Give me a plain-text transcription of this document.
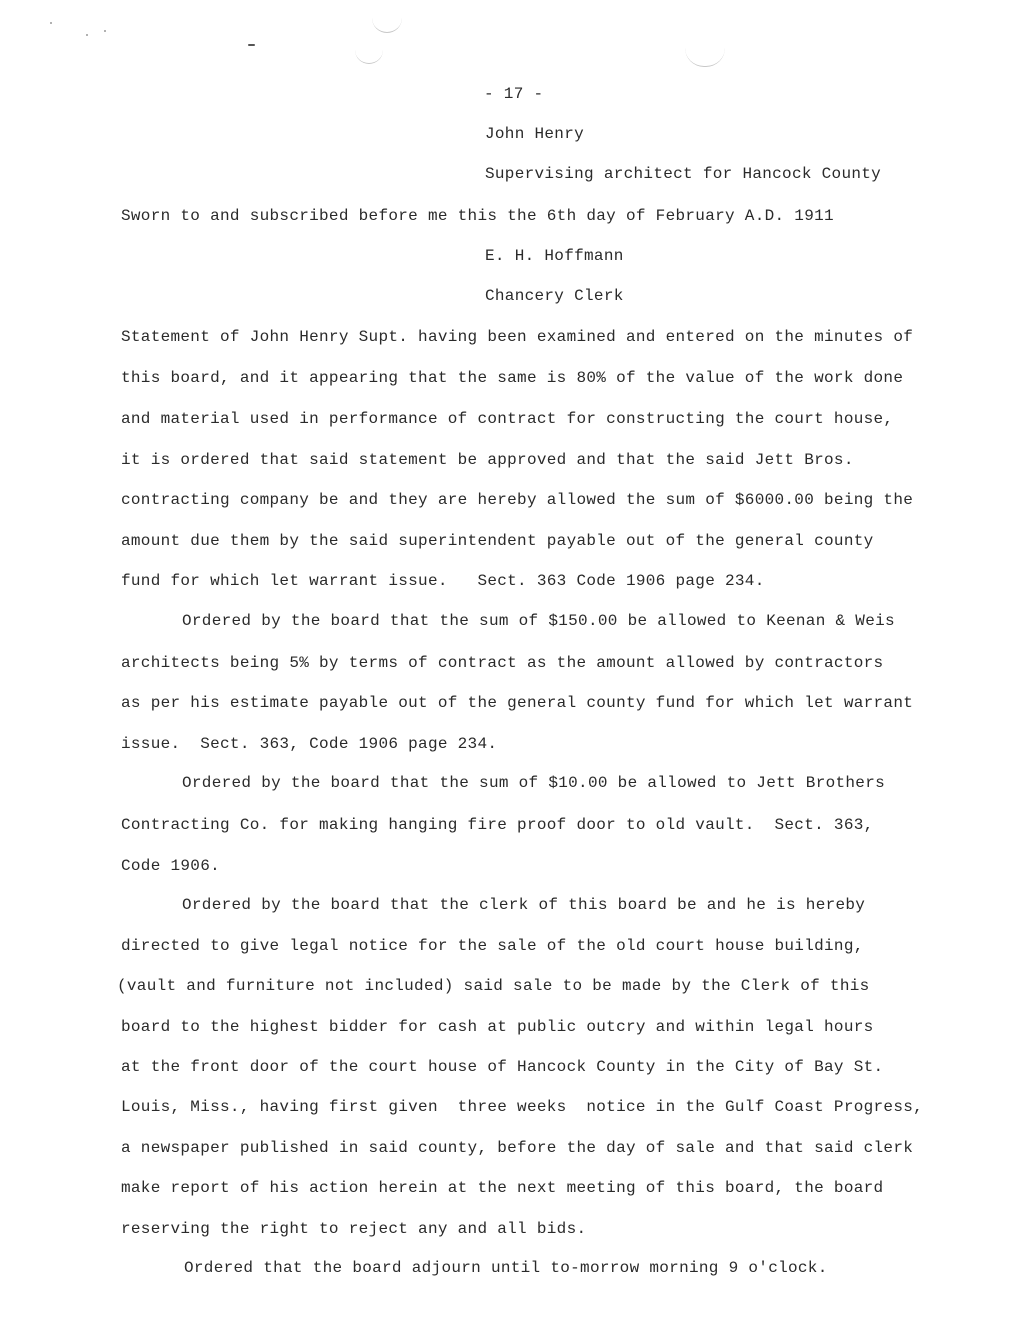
- 17 -
John Henry
Supervising architect for Hancock County
Sworn to and subscribed before me this the 6th day of February A.D. 1911
E. H. Hoffmann
Chancery Clerk
Statement of John Henry Supt. having been examined and entered on the minutes of
this board, and it appearing that the same is 80% of the value of the work done
and material used in performance of contract for constructing the court house,
it is ordered that said statement be approved and that the said Jett Bros.
contracting company be and they are hereby allowed the sum of $6000.00 being the
amount due them by the said superintendent payable out of the general county
fund for which let warrant issue.   Sect. 363 Code 1906 page 234.
Ordered by the board that the sum of $150.00 be allowed to Keenan & Weis
architects being 5% by terms of contract as the amount allowed by contractors
as per his estimate payable out of the general county fund for which let warrant
issue.  Sect. 363, Code 1906 page 234.
Ordered by the board that the sum of $10.00 be allowed to Jett Brothers
Contracting Co. for making hanging fire proof door to old vault.  Sect. 363,
Code 1906.
Ordered by the board that the clerk of this board be and he is hereby
directed to give legal notice for the sale of the old court house building,
(vault and furniture not included) said sale to be made by the Clerk of this
board to the highest bidder for cash at public outcry and within legal hours
at the front door of the court house of Hancock County in the City of Bay St.
Louis, Miss., having first given  three weeks  notice in the Gulf Coast Progress,
a newspaper published in said county, before the day of sale and that said clerk
make report of his action herein at the next meeting of this board, the board
reserving the right to reject any and all bids.
Ordered that the board adjourn until to-morrow morning 9 o'clock.
